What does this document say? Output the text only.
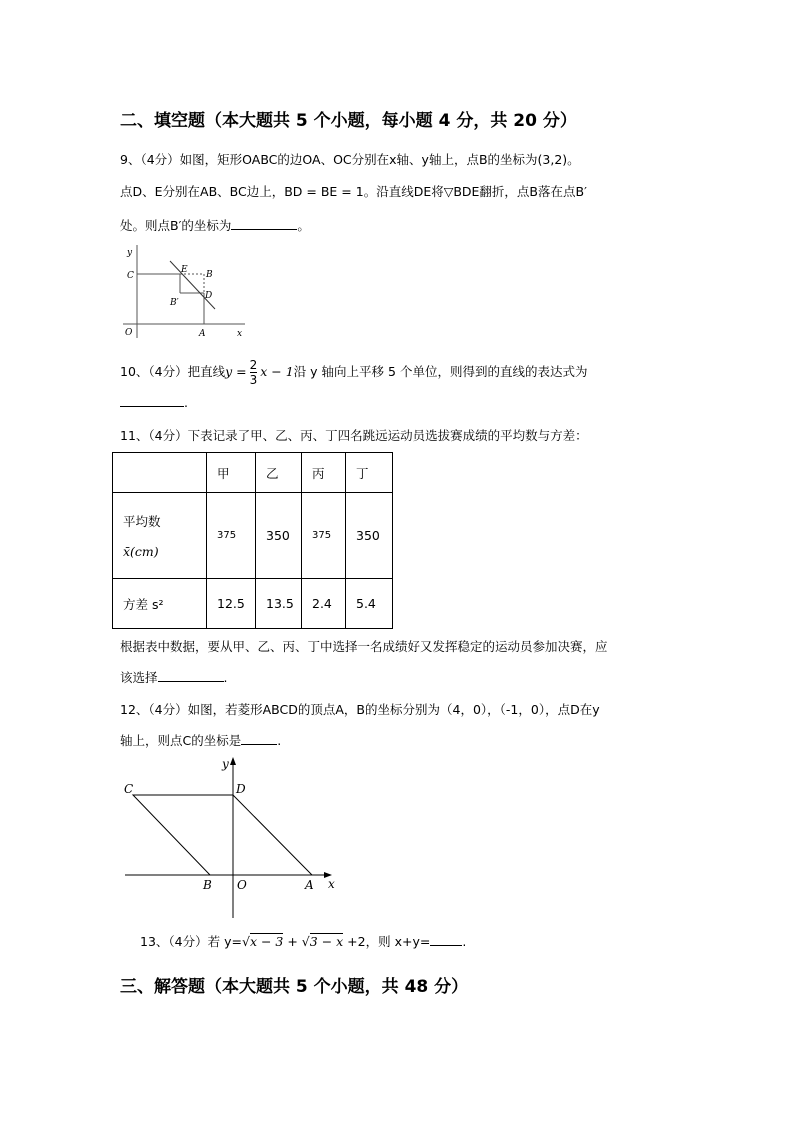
二、填空题（本大题共 5 个小题，每小题 4 分，共 20 分）
9、（4分）如图，矩形OABC的边OA、OC分别在x轴、y轴上，点B的坐标为(3,2)。
点D、E分别在AB、BC边上，BD = BE = 1。沿直线DE将▽BDE翻折，点B落在点B′
处。则点B′的坐标为	。
y
x
O	A
B
C
D
E
B′
10、（4分）把直线$y = \frac{2}{3}$ x − 1沿 y 轴向上平移 5 个单位，则得到的直线的表达式为
.
11、（4分）下表记录了甲、乙、丙、丁四名跳远运动员选拔赛成绩的平均数与方差：
	甲	乙	丙	丁

平均数
x̄(cm)	375	350	375	350
方差 s²	12.5	13.5	2.4	5.4
根据表中数据，要从甲、乙、丙、丁中选择一名成绩好又发挥稳定的运动员参加决赛，应
该选择	.
12、（4分）如图，若菱形ABCD的顶点A，B的坐标分别为（4，0），（-1，0），点D在y
轴上，则点C的坐标是	.
y
x
O	A
B
C	D
13、（4分）若 y=√x − 3 + √3 − x +2，则 x+y=	.
三、解答题（本大题共 5 个小题，共 48 分）
